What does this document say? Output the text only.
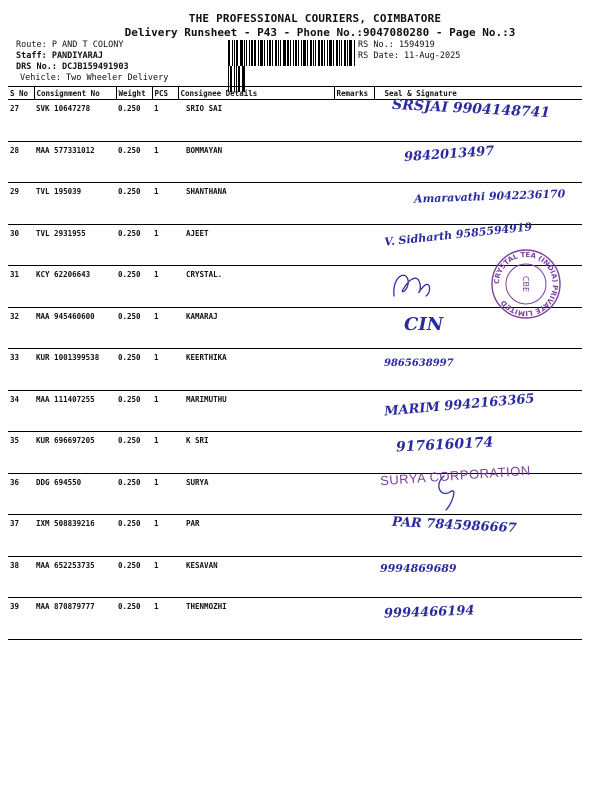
THE PROFESSIONAL COURIERS, COIMBATORE
Delivery Runsheet - P43 - Phone No.:9047080280 - Page No.:3
Route: P AND T COLONY
Staff: PANDIYARAJ
DRS No.: DCJB159491903
Vehicle: Two Wheeler Delivery
RS No.: 1594919
RS Date: 11-Aug-2025
S No	Consignment No	Weight	PCS	Consignee Details	Remarks	Seal & Signature
27	SVK 10647278	0.250	1	SRIO SAI		SRSJAI 9904148741

28	MAA 577331012	0.250	1	BOMMAYAN		9842013497

29	TVL 195039	0.250	1	SHANTHANA		Amaravathi 9042236170

30	TVL 2931955	0.250	1	AJEET		V. Sidharth 9585594919

31	KCY 62206643	0.250	1	CRYSTAL.		

32	MAA 945460600	0.250	1	KAMARAJ		CIN

33	KUR 1001399538	0.250	1	KEERTHIKA		9865638997

34	MAA 111407255	0.250	1	MARIMUTHU		MARIM 9942163365

35	KUR 696697205	0.250	1	K SRI		9176160174

36	DDG 694550	0.250	1	SURYA		

37	IXM 508839216	0.250	1	PAR		PAR 7845986667

38	MAA 652253735	0.250	1	KESAVAN		9994869689

39	MAA 870879777	0.250	1	THENMOZHI		9994466194
CRYSTAL TEA (INDIA) PRIVATE LIMITED
CBE
SURYA CORPORATION
